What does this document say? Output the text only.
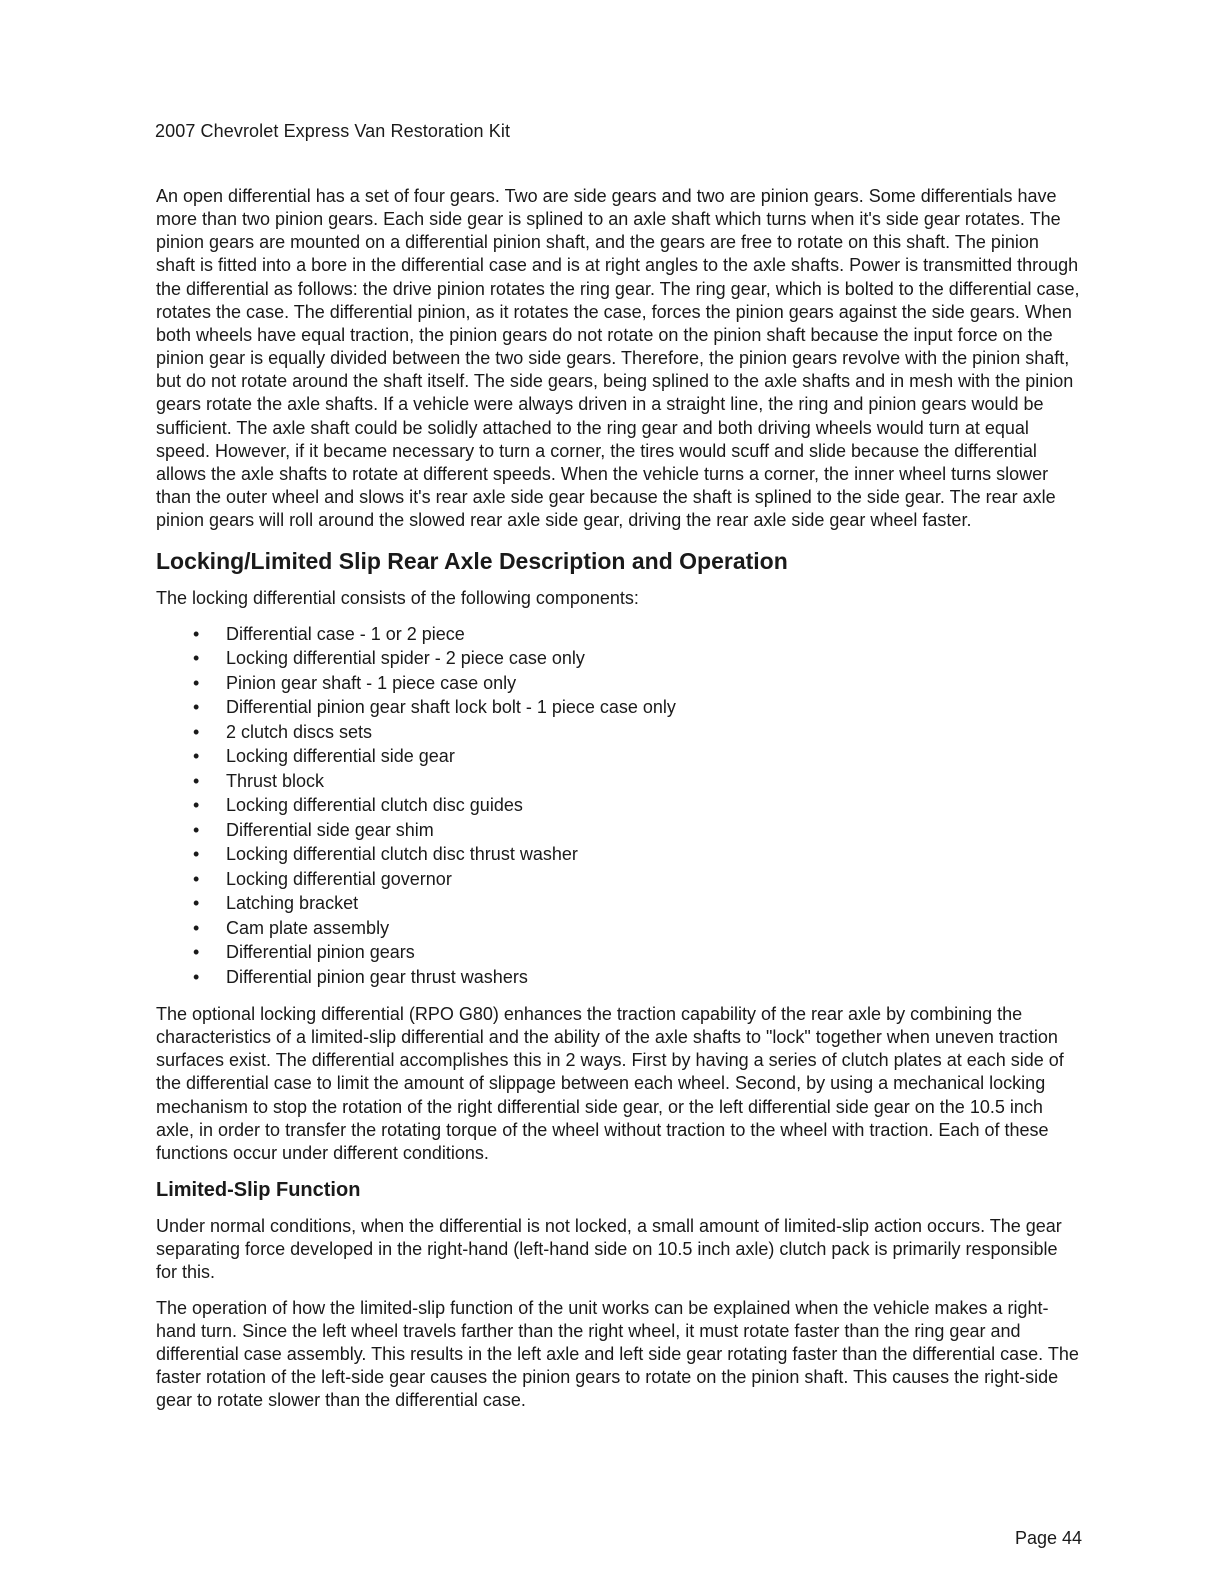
2007 Chevrolet Express Van Restoration Kit

An open differential has a set of four gears. Two are side gears and two are pinion gears. Some differentials have more than two pinion gears. Each side gear is splined to an axle shaft which turns when it's side gear rotates. The pinion gears are mounted on a differential pinion shaft, and the gears are free to rotate on this shaft. The pinion shaft is fitted into a bore in the differential case and is at right angles to the axle shafts. Power is transmitted through the differential as follows: the drive pinion rotates the ring gear. The ring gear, which is bolted to the differential case, rotates the case. The differential pinion, as it rotates the case, forces the pinion gears against the side gears. When both wheels have equal traction, the pinion gears do not rotate on the pinion shaft because the input force on the pinion gear is equally divided between the two side gears. Therefore, the pinion gears revolve with the pinion shaft, but do not rotate around the shaft itself. The side gears, being splined to the axle shafts and in mesh with the pinion gears rotate the axle shafts. If a vehicle were always driven in a straight line, the ring and pinion gears would be sufficient. The axle shaft could be solidly attached to the ring gear and both driving wheels would turn at equal speed. However, if it became necessary to turn a corner, the tires would scuff and slide because the differential allows the axle shafts to rotate at different speeds. When the vehicle turns a corner, the inner wheel turns slower than the outer wheel and slows it's rear axle side gear because the shaft is splined to the side gear. The rear axle pinion gears will roll around the slowed rear axle side gear, driving the rear axle side gear wheel faster.

Locking/Limited Slip Rear Axle Description and Operation

The locking differential consists of the following components:

• Differential case - 1 or 2 piece
• Locking differential spider - 2 piece case only
• Pinion gear shaft - 1 piece case only
• Differential pinion gear shaft lock bolt - 1 piece case only
• 2 clutch discs sets
• Locking differential side gear
• Thrust block
• Locking differential clutch disc guides
• Differential side gear shim
• Locking differential clutch disc thrust washer
• Locking differential governor
• Latching bracket
• Cam plate assembly
• Differential pinion gears
• Differential pinion gear thrust washers

The optional locking differential (RPO G80) enhances the traction capability of the rear axle by combining the characteristics of a limited-slip differential and the ability of the axle shafts to "lock" together when uneven traction surfaces exist. The differential accomplishes this in 2 ways. First by having a series of clutch plates at each side of the differential case to limit the amount of slippage between each wheel. Second, by using a mechanical locking mechanism to stop the rotation of the right differential side gear, or the left differential side gear on the 10.5 inch axle, in order to transfer the rotating torque of the wheel without traction to the wheel with traction. Each of these functions occur under different conditions.

Limited-Slip Function

Under normal conditions, when the differential is not locked, a small amount of limited-slip action occurs. The gear separating force developed in the right-hand (left-hand side on 10.5 inch axle) clutch pack is primarily responsible for this.

The operation of how the limited-slip function of the unit works can be explained when the vehicle makes a right-hand turn. Since the left wheel travels farther than the right wheel, it must rotate faster than the ring gear and differential case assembly. This results in the left axle and left side gear rotating faster than the differential case. The faster rotation of the left-side gear causes the pinion gears to rotate on the pinion shaft. This causes the right-side gear to rotate slower than the differential case.

Page 44
